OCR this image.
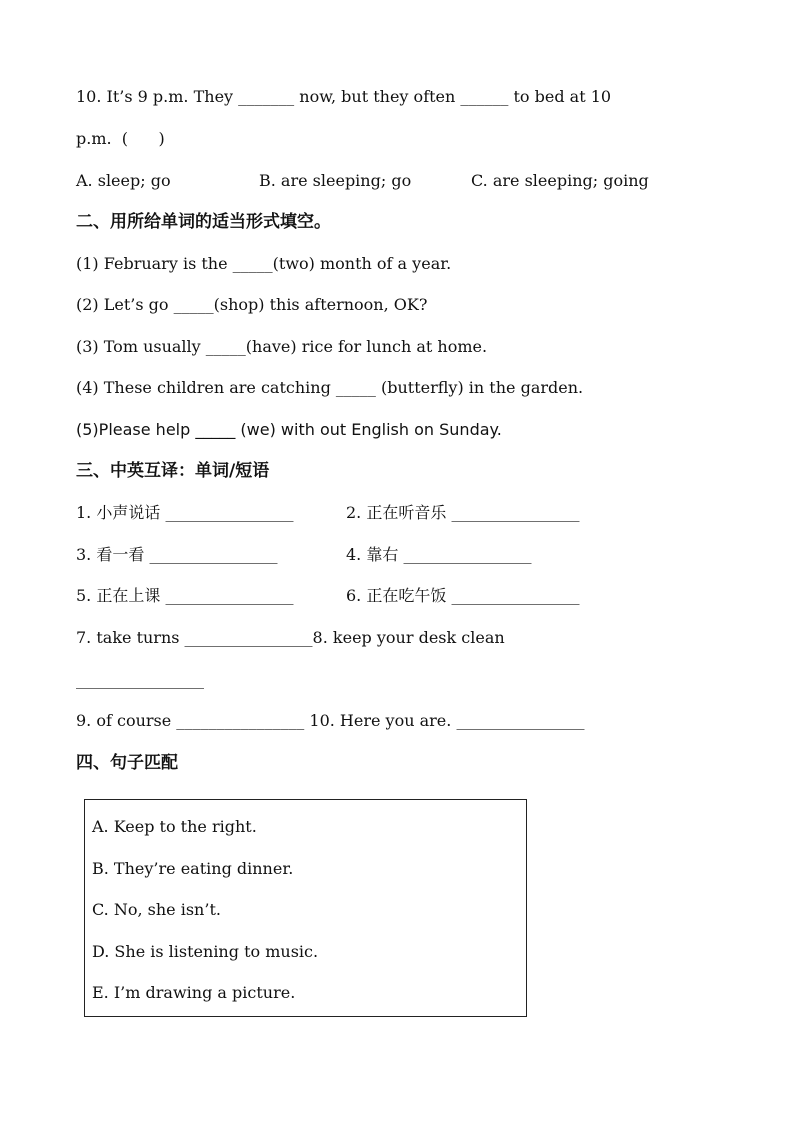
10. It’s 9 p.m. They _______ now, but they often ______ to bed at 10
p.m.  (      )
A. sleep; go	B. are sleeping; go	C. are sleeping; going
二、用所给单词的适当形式填空。
(1) February is the _____(two) month of a year.
(2) Let’s go _____(shop) this afternoon, OK?
(3) Tom usually _____(have) rice for lunch at home.
(4) These children are catching _____ (butterfly) in the garden.
(5)Please help _____ (we) with out English on Sunday.
三、中英互译：单词/短语
1. 小声说话 ________________	2. 正在听音乐 ________________
3. 看一看 ________________	4. 靠右 ________________
5. 正在上课 ________________	6. 正在吃午饭 ________________
7. take turns ________________8. keep your desk clean
________________
9. of course ________________ 10. Here you are. ________________
四、句子匹配
A. Keep to the right.
B. They’re eating dinner.
C. No, she isn’t.
D. She is listening to music.
E. I’m drawing a picture.
